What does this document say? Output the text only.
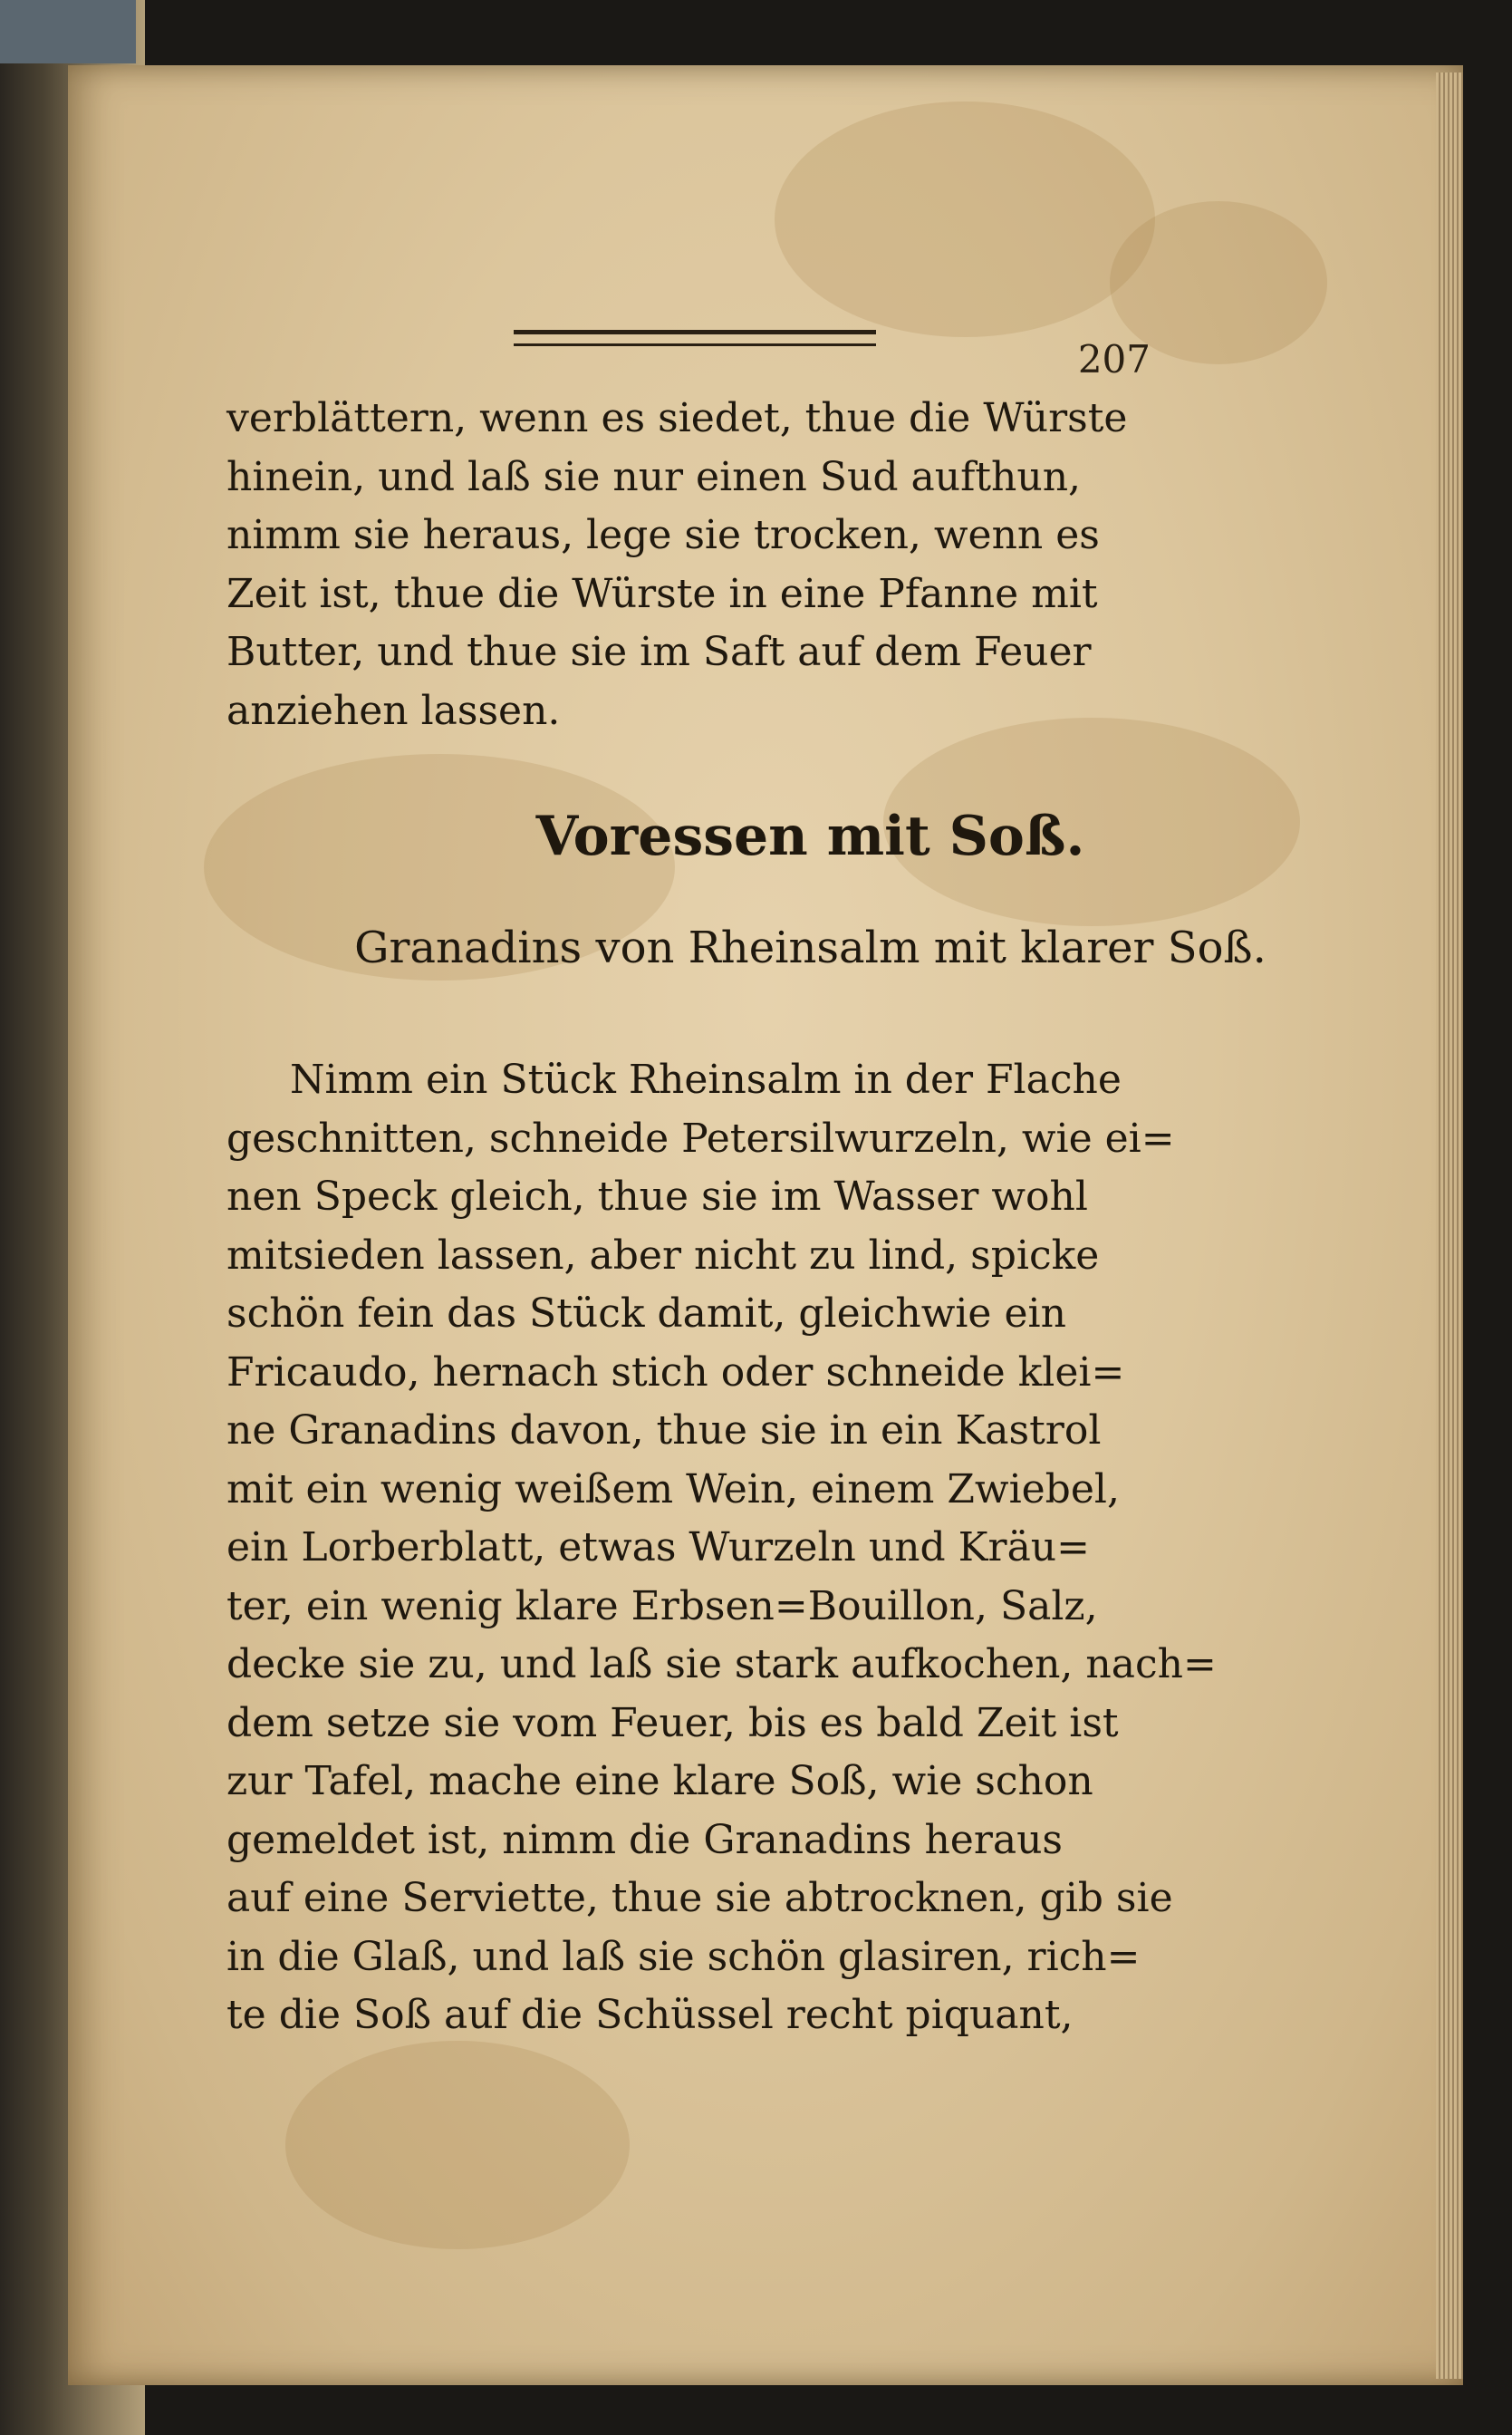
207

verblättern, wenn es siedet, thue die Würste
hinein, und laß sie nur einen Sud aufthun,
nimm sie heraus, lege sie trocken, wenn es
Zeit ist, thue die Würste in eine Pfanne mit
Butter, und thue sie im Saft auf dem Feuer
anziehen lassen.

Voressen mit Soß.
Granadins von Rheinsalm mit klarer Soß.

Nimm ein Stück Rheinsalm in der Flache
geschnitten, schneide Petersilwurzeln, wie ei=
nen Speck gleich, thue sie im Wasser wohl
mitsieden lassen, aber nicht zu lind, spicke
schön fein das Stück damit, gleichwie ein
Fricaudo, hernach stich oder schneide klei=
ne Granadins davon, thue sie in ein Kastrol
mit ein wenig weißem Wein, einem Zwiebel,
ein Lorberblatt, etwas Wurzeln und Kräu=
ter, ein wenig klare Erbsen=Bouillon, Salz,
decke sie zu, und laß sie stark aufkochen, nach=
dem setze sie vom Feuer, bis es bald Zeit ist
zur Tafel, mache eine klare Soß, wie schon
gemeldet ist, nimm die Granadins heraus
auf eine Serviette, thue sie abtrocknen, gib sie
in die Glaß, und laß sie schön glasiren, rich=
te die Soß auf die Schüssel recht piquant,
